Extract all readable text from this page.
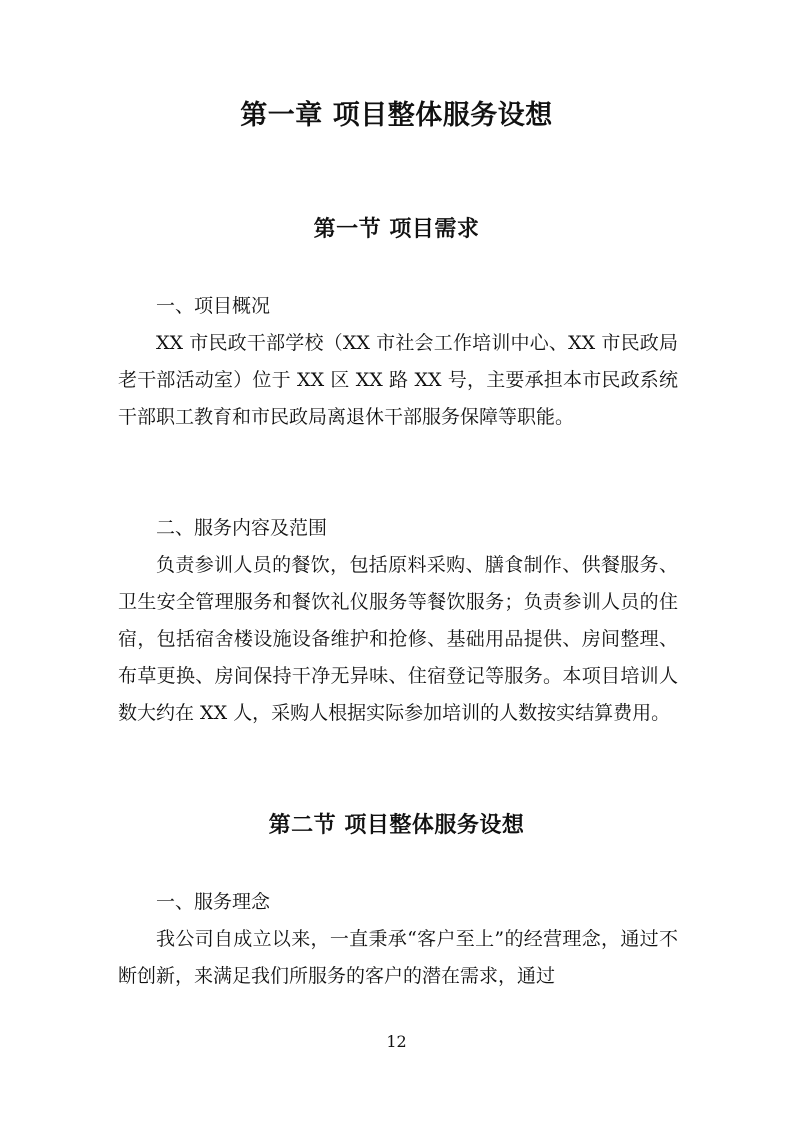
第一章 项目整体服务设想
第一节 项目需求

一、项目概况

XX 市民政干部学校（XX 市社会工作培训中心、XX 市民政局老干部活动室）位于 XX 区 XX 路 XX 号，主要承担本市民政系统干部职工教育和市民政局离退休干部服务保障等职能。

二、服务内容及范围

负责参训人员的餐饮，包括原料采购、膳食制作、供餐服务、卫生安全管理服务和餐饮礼仪服务等餐饮服务；负责参训人员的住宿，包括宿舍楼设施设备维护和抢修、基础用品提供、房间整理、布草更换、房间保持干净无异味、住宿登记等服务。本项目培训人数大约在 XX 人，采购人根据实际参加培训的人数按实结算费用。

第二节 项目整体服务设想

一、服务理念

我公司自成立以来，一直秉承“客户至上”的经营理念，通过不断创新，来满足我们所服务的客户的潜在需求，通过

12
